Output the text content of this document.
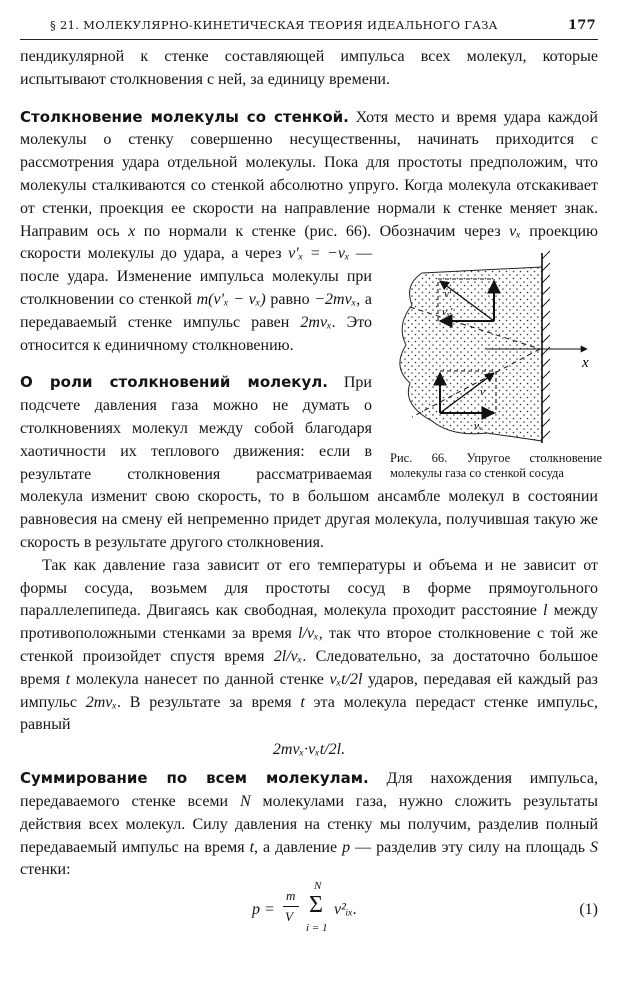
§ 21. МОЛЕКУЛЯРНО-КИНЕТИЧЕСКАЯ ТЕОРИЯ ИДЕАЛЬНОГО ГАЗА	177

пендикулярной к стенке составляющей импульса всех молекул, которые испытывают столкновения с ней, за единицу времени.

Столкновение молекулы со стенкой. Хотя место и время удара каждой молекулы о стенку совершенно несущественны, начинать приходится с рассмотрения удара отдельной молекулы. Пока для простоты предположим, что молекулы сталкиваются со стенкой абсолютно упруго. Когда молекула отскакивает от стенки, проекция ее скорости на направление нормали к стенке меняет знак. Направим ось x по нормали к стенке (рис. 66). Обозначим через
x
v′
vₓ′
v
vₓ
Рис. 66. Упругое столкновение молекулы газа со стенкой сосуда
vₓ проекцию скорости молекулы до удара, а через v′ₓ = −vₓ — после удара. Изменение импульса молекулы при столкновении со стенкой m(v′ₓ − vₓ) равно −2mvₓ, а передаваемый стенке импульс равен 2mvₓ. Это относится к единичному столкновению.

О роли столкновений молекул. При подсчете давления газа можно не думать о столкновениях молекул между собой благодаря хаотичности их теплового движения: если в результате столкновения рассматриваемая молекула изменит свою скорость, то в большом ансамбле молекул в состоянии равновесия на смену ей непременно придет другая молекула, получившая такую же скорость в результате другого столкновения.

Так как давление газа зависит от его температуры и объема и не зависит от формы сосуда, возьмем для простоты сосуд в форме прямоугольного параллелепипеда. Двигаясь как свободная, молекула проходит расстояние l между противоположными стенками за время l/vₓ, так что второе столкновение с той же стенкой произойдет спустя время 2l/vₓ. Следовательно, за достаточно большое время t молекула нанесет по данной стенке vₓt/2l ударов, передавая ей каждый раз импульс 2mvₓ. В результате за время t эта молекула передаст стенке импульс, равный

2mvₓ·vₓt/2l.

Суммирование по всем молекулам. Для нахождения импульса, передаваемого стенке всеми N молекулами газа, нужно сложить результаты действия всех молекул. Силу давления на стенку мы получим, разделив полный передаваемый импульс на время t, а давление p — разделив эту силу на площадь S стенки:

p =
m
V
N
Σ
i = 1
v²ᵢₓ.	(1)
